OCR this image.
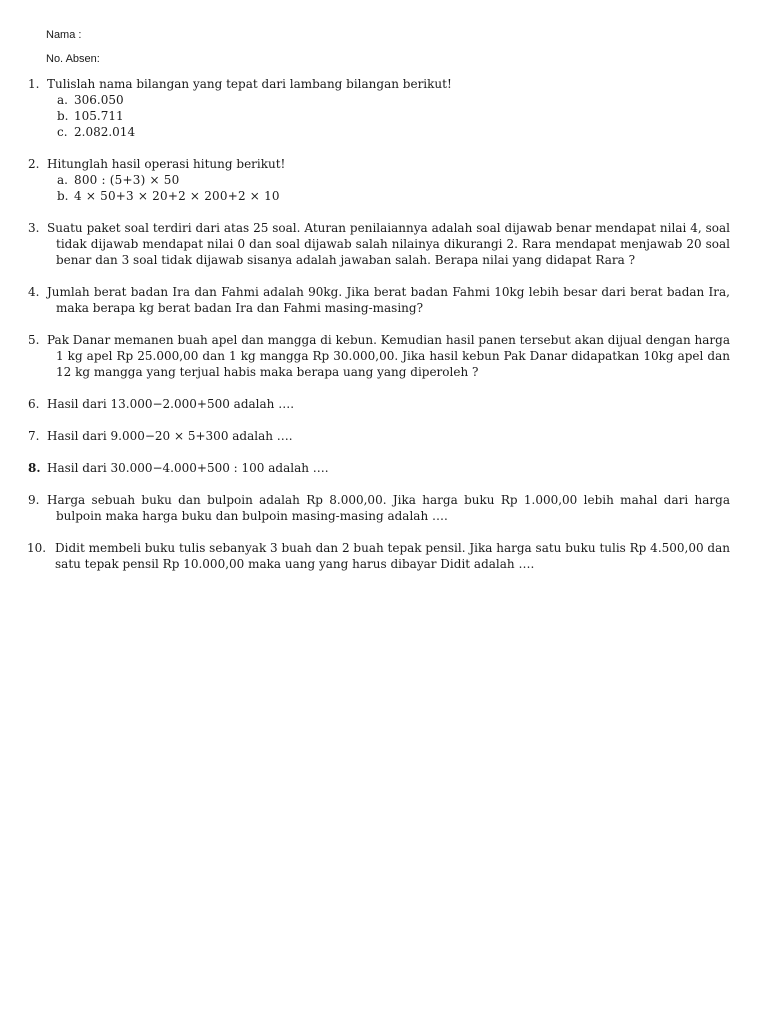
Nama :
No. Absen:
1. Tulislah nama bilangan yang tepat dari lambang bilangan berikut!
a. 306.050
b. 105.711
c. 2.082.014
2. Hitunglah hasil operasi hitung berikut!
a. 800 : (5+3) × 50
b. 4 × 50+3 × 20+2 × 200+2 × 10
3. Suatu paket soal terdiri dari atas 25 soal. Aturan penilaiannya adalah soal dijawab benar mendapat nilai 4, soal tidak dijawab mendapat nilai 0 dan soal dijawab salah nilainya dikurangi 2. Rara mendapat menjawab 20 soal benar dan 3 soal tidak dijawab sisanya adalah jawaban salah. Berapa nilai yang didapat Rara ?
4. Jumlah berat badan Ira dan Fahmi adalah 90kg. Jika berat badan Fahmi 10kg lebih besar dari berat badan Ira, maka berapa kg berat badan Ira dan Fahmi masing-masing?
5. Pak Danar memanen buah apel dan mangga di kebun. Kemudian hasil panen tersebut akan dijual dengan harga 1 kg apel Rp 25.000,00 dan 1 kg mangga Rp 30.000,00. Jika hasil kebun Pak Danar didapatkan 10kg apel dan 12 kg mangga yang terjual habis maka berapa uang yang diperoleh ?
6. Hasil dari 13.000−2.000+500 adalah ….
7. Hasil dari 9.000−20 × 5+300 adalah ….
8. Hasil dari 30.000−4.000+500 : 100 adalah ….
9. Harga sebuah buku dan bulpoin adalah Rp 8.000,00. Jika harga buku Rp 1.000,00 lebih mahal dari harga bulpoin maka harga buku dan bulpoin masing-masing adalah ….
10. Didit membeli buku tulis sebanyak 3 buah dan 2 buah tepak pensil. Jika harga satu buku tulis Rp 4.500,00 dan satu tepak pensil Rp 10.000,00 maka uang yang harus dibayar Didit adalah ….
